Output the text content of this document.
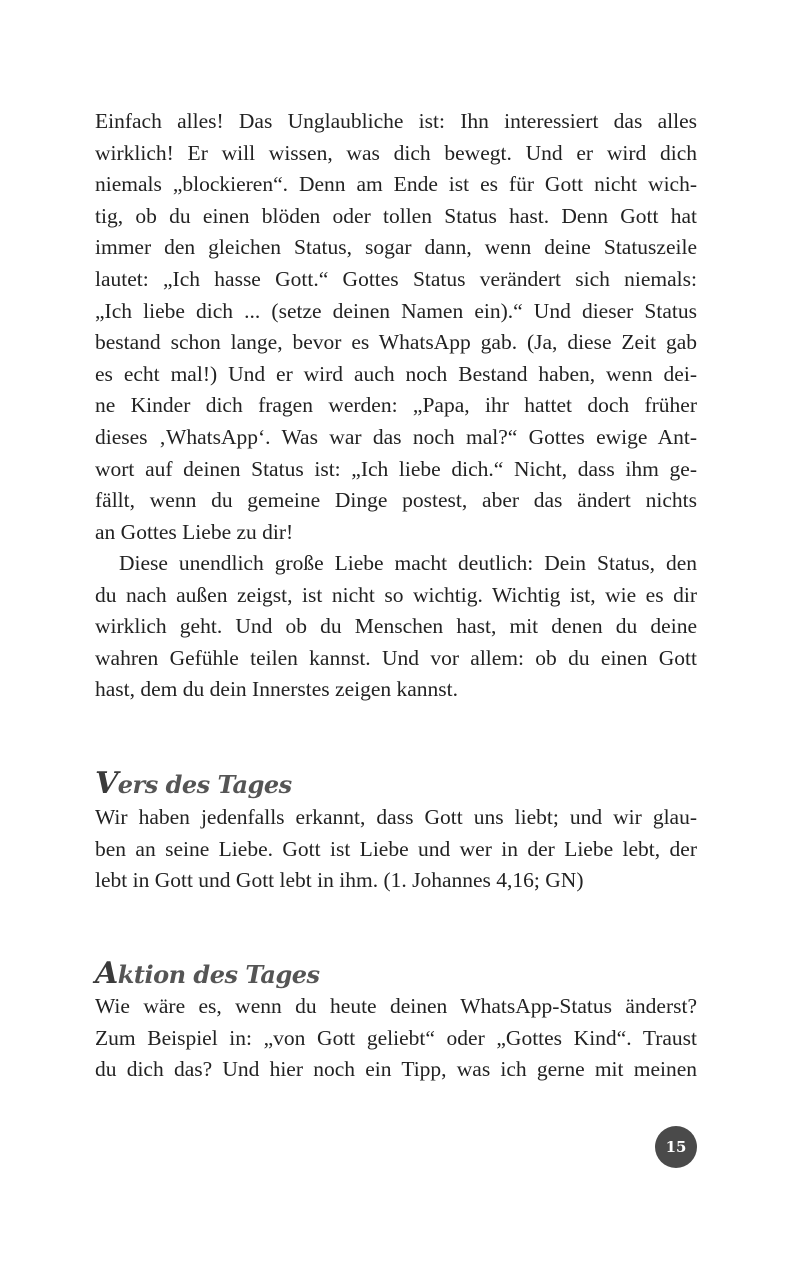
Einfach alles! Das Unglaubliche ist: Ihn interessiert das alles
wirklich! Er will wissen, was dich bewegt. Und er wird dich
niemals „blockieren“. Denn am Ende ist es für Gott nicht wich-
tig, ob du einen blöden oder tollen Status hast. Denn Gott hat
immer den gleichen Status, sogar dann, wenn deine Statuszeile
lautet: „Ich hasse Gott.“ Gottes Status verändert sich niemals:
„Ich liebe dich ... (setze deinen Namen ein).“ Und dieser Status
bestand schon lange, bevor es WhatsApp gab. (Ja, diese Zeit gab
es echt mal!) Und er wird auch noch Bestand haben, wenn dei-
ne Kinder dich fragen werden: „Papa, ihr hattet doch früher
dieses ‚WhatsApp‘. Was war das noch mal?“ Gottes ewige Ant-
wort auf deinen Status ist: „Ich liebe dich.“ Nicht, dass ihm ge-
fällt, wenn du gemeine Dinge postest, aber das ändert nichts
an Gottes Liebe zu dir!
Diese unendlich große Liebe macht deutlich: Dein Status, den
du nach außen zeigst, ist nicht so wichtig. Wichtig ist, wie es dir
wirklich geht. Und ob du Menschen hast, mit denen du deine
wahren Gefühle teilen kannst. Und vor allem: ob du einen Gott
hast, dem du dein Innerstes zeigen kannst.
Vers des Tages
Wir haben jedenfalls erkannt, dass Gott uns liebt; und wir glau-
ben an seine Liebe. Gott ist Liebe und wer in der Liebe lebt, der
lebt in Gott und Gott lebt in ihm. (1. Johannes 4,16; GN)
Aktion des Tages
Wie wäre es, wenn du heute deinen WhatsApp-Status änderst?
Zum Beispiel in: „von Gott geliebt“ oder „Gottes Kind“. Traust
du dich das? Und hier noch ein Tipp, was ich gerne mit meinen
15
